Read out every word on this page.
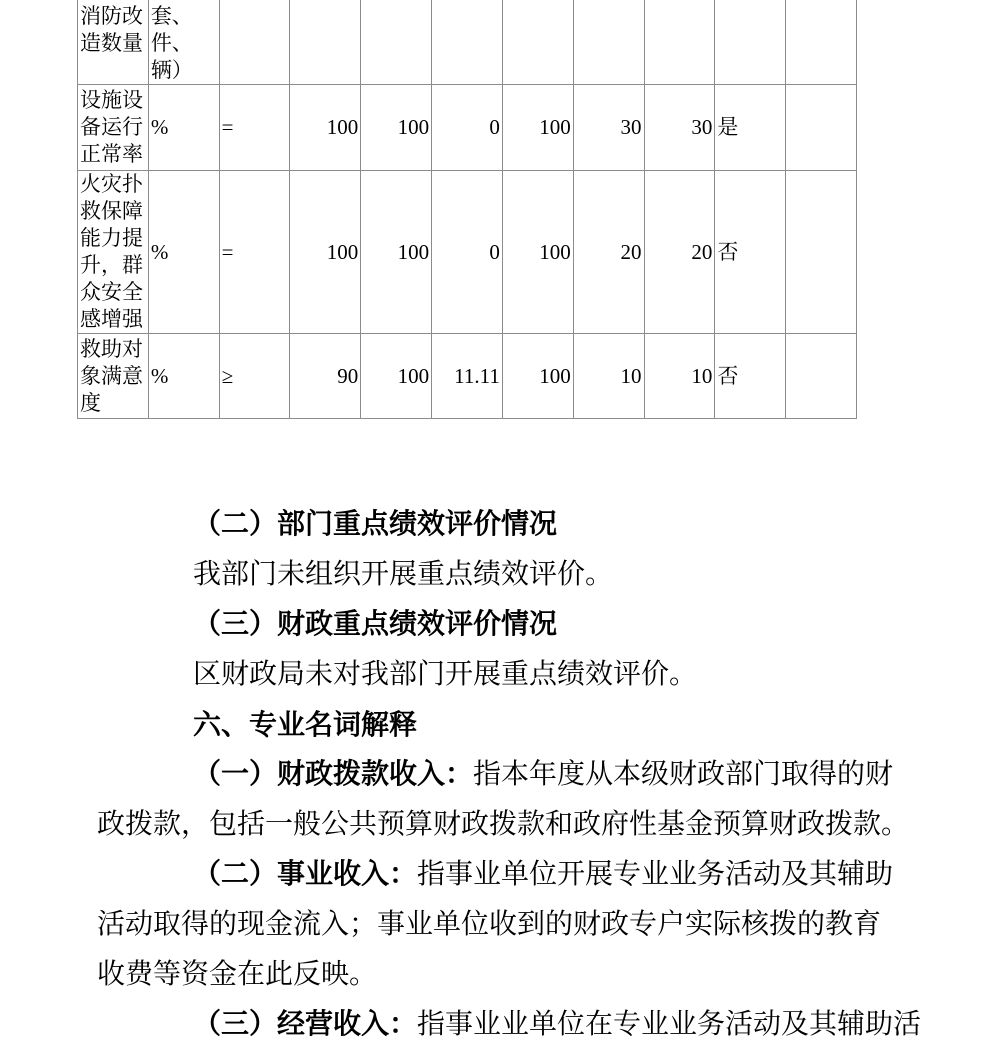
消防改
造数量	套、
件、
辆）									
设施设
备运行
正常率	%	=	100	100	0	100	30	30	是	
火灾扑
救保障
能力提
升，群
众安全
感增强	%	=	100	100	0	100	20	20	否	
救助对
象满意
度	%	≥	90	100	11.11	100	10	10	否	
（二）部门重点绩效评价情况
我部门未组织开展重点绩效评价。
（三）财政重点绩效评价情况
区财政局未对我部门开展重点绩效评价。
六、专业名词解释
（一）财政拨款收入：指本年度从本级财政部门取得的财
政拨款，包括一般公共预算财政拨款和政府性基金预算财政拨款。
（二）事业收入：指事业单位开展专业业务活动及其辅助
活动取得的现金流入；事业单位收到的财政专户实际核拨的教育
收费等资金在此反映。
（三）经营收入：指事业业单位在专业业务活动及其辅助活
